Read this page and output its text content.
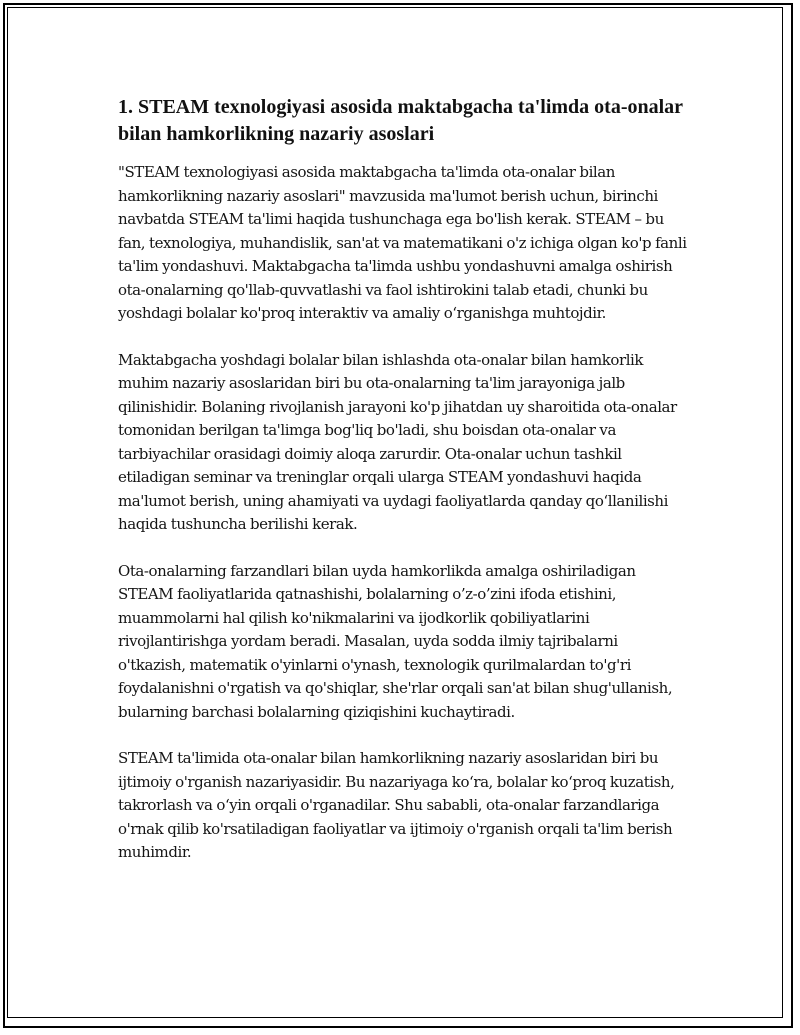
1. STEAM texnologiyasi asosida maktabgacha ta'limda ota-onalar bilan hamkorlikning nazariy asoslari

"STEAM texnologiyasi asosida maktabgacha ta'limda ota-onalar bilan hamkorlikning nazariy asoslari" mavzusida ma'lumot berish uchun, birinchi navbatda STEAM ta'limi haqida tushunchaga ega bo'lish kerak. STEAM – bu fan, texnologiya, muhandislik, san'at va matematikani o'z ichiga olgan ko'p fanli ta'lim yondashuvi. Maktabgacha ta'limda ushbu yondashuvni amalga oshirish ota-onalarning qo'llab-quvvatlashi va faol ishtirokini talab etadi, chunki bu yoshdagi bolalar ko'proq interaktiv va amaliy o‘rganishga muhtojdir.

Maktabgacha yoshdagi bolalar bilan ishlashda ota-onalar bilan hamkorlik muhim nazariy asoslaridan biri bu ota-onalarning ta'lim jarayoniga jalb qilinishidir. Bolaning rivojlanish jarayoni ko'p jihatdan uy sharoitida ota-onalar tomonidan berilgan ta'limga bog'liq bo'ladi, shu boisdan ota-onalar va tarbiyachilar orasidagi doimiy aloqa zarurdir. Ota-onalar uchun tashkil etiladigan seminar va treninglar orqali ularga STEAM yondashuvi haqida ma'lumot berish, uning ahamiyati va uydagi faoliyatlarda qanday qo‘llanilishi haqida tushuncha berilishi kerak.

Ota-onalarning farzandlari bilan uyda hamkorlikda amalga oshiriladigan STEAM faoliyatlarida qatnashishi, bolalarning o’z-o’zini ifoda etishini, muammolarni hal qilish ko'nikmalarini va ijodkorlik qobiliyatlarini rivojlantirishga yordam beradi. Masalan, uyda sodda ilmiy tajribalarni o'tkazish, matematik o'yinlarni o'ynash, texnologik qurilmalardan to'g'ri foydalanishni o'rgatish va qo'shiqlar, she'rlar orqali san'at bilan shug'ullanish, bularning barchasi bolalarning qiziqishini kuchaytiradi.

STEAM ta'limida ota-onalar bilan hamkorlikning nazariy asoslaridan biri bu ijtimoiy o'rganish nazariyasidir. Bu nazariyaga ko‘ra, bolalar ko‘proq kuzatish, takrorlash va o‘yin orqali o'rganadilar. Shu sababli, ota-onalar farzandlariga o'rnak qilib ko'rsatiladigan faoliyatlar va ijtimoiy o'rganish orqali ta'lim berish muhimdir.
